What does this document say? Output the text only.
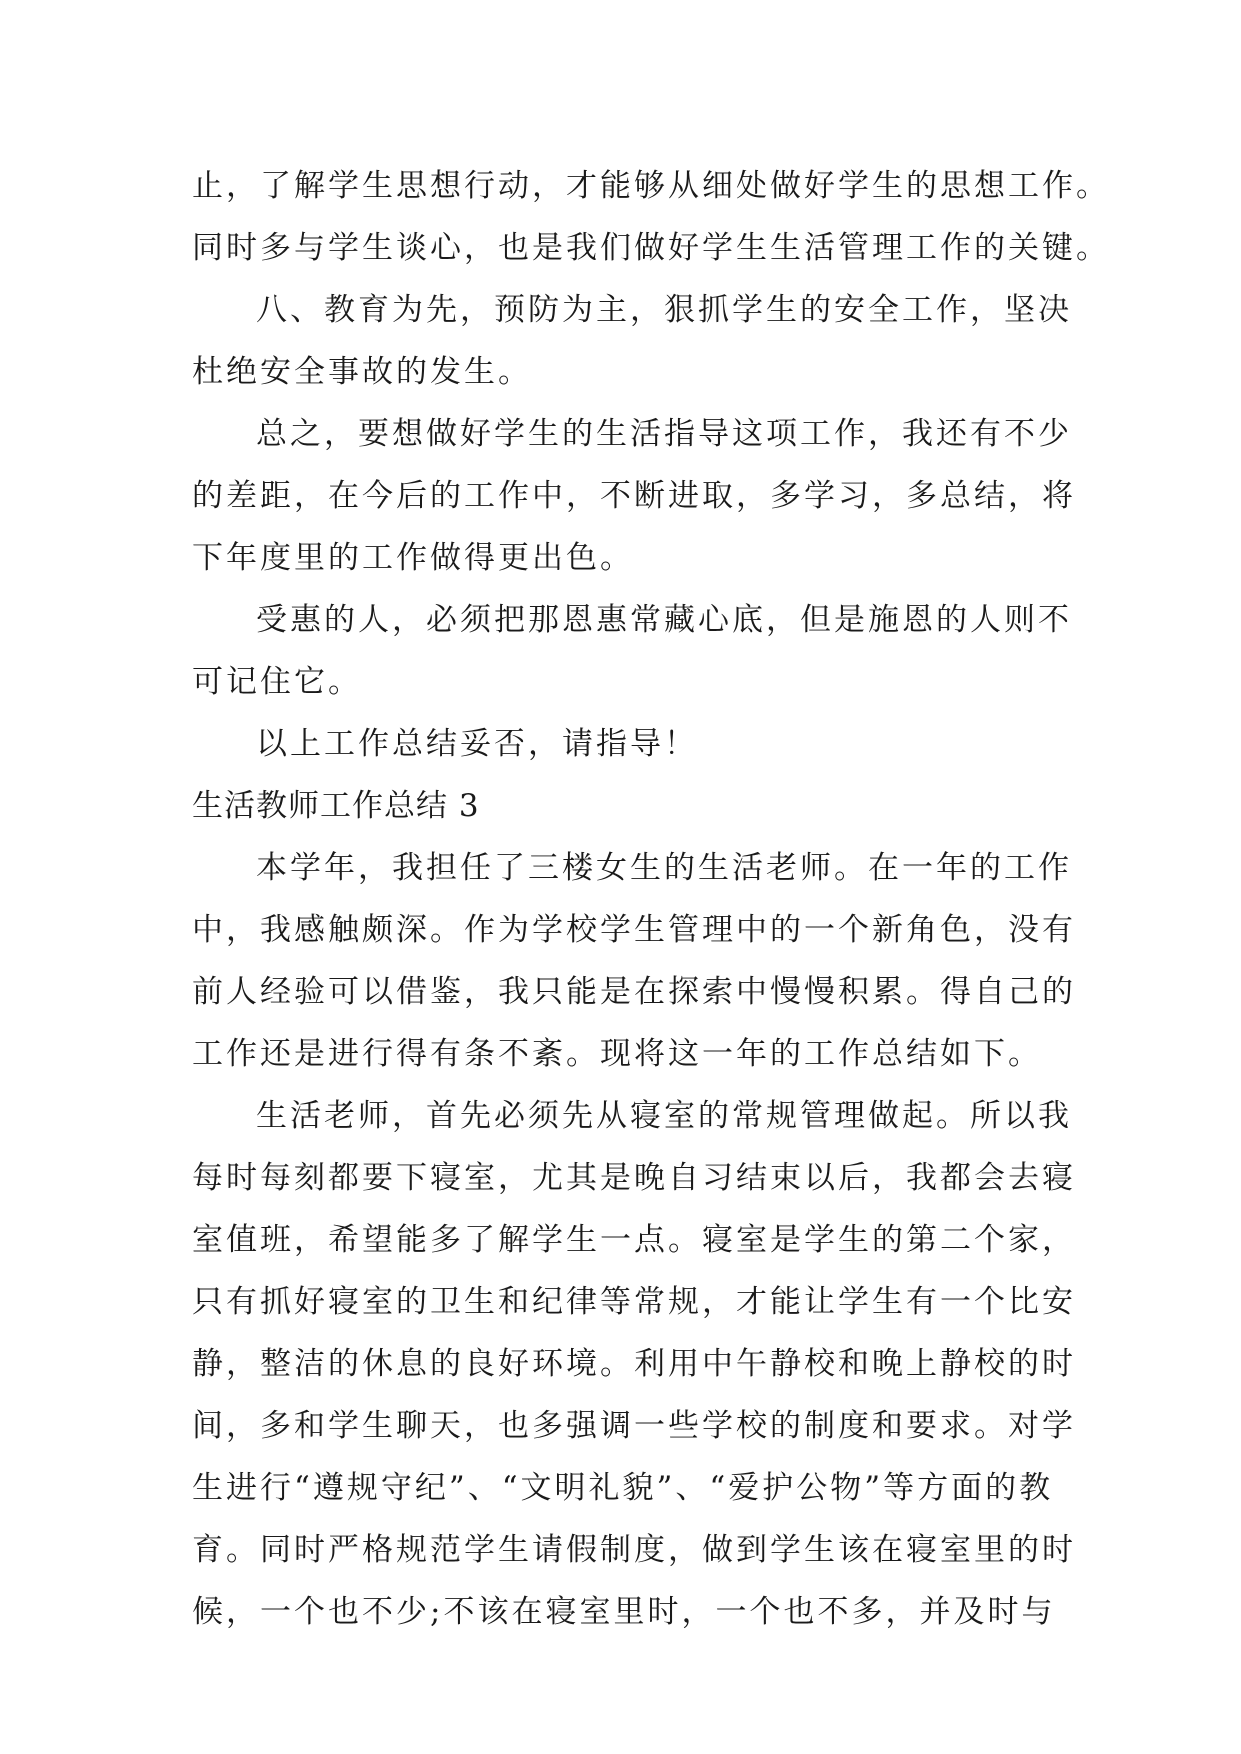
止，了解学生思想行动，才能够从细处做好学生的思想工作。
同时多与学生谈心，也是我们做好学生生活管理工作的关键。
八、教育为先，预防为主，狠抓学生的安全工作，坚决
杜绝安全事故的发生。
总之，要想做好学生的生活指导这项工作，我还有不少
的差距，在今后的工作中，不断进取，多学习，多总结，将
下年度里的工作做得更出色。
受惠的人，必须把那恩惠常藏心底，但是施恩的人则不
可记住它。
以上工作总结妥否，请指导！
生活教师工作总结 3
本学年，我担任了三楼女生的生活老师。在一年的工作
中，我感触颇深。作为学校学生管理中的一个新角色，没有
前人经验可以借鉴，我只能是在探索中慢慢积累。得自己的
工作还是进行得有条不紊。现将这一年的工作总结如下。
生活老师，首先必须先从寝室的常规管理做起。所以我
每时每刻都要下寝室，尤其是晚自习结束以后，我都会去寝
室值班，希望能多了解学生一点。寝室是学生的第二个家，
只有抓好寝室的卫生和纪律等常规，才能让学生有一个比安
静，整洁的休息的良好环境。利用中午静校和晚上静校的时
间，多和学生聊天，也多强调一些学校的制度和要求。对学
生进行“遵规守纪”、“文明礼貌”、“爱护公物”等方面的教
育。同时严格规范学生请假制度，做到学生该在寝室里的时
候，一个也不少;不该在寝室里时，一个也不多，并及时与
